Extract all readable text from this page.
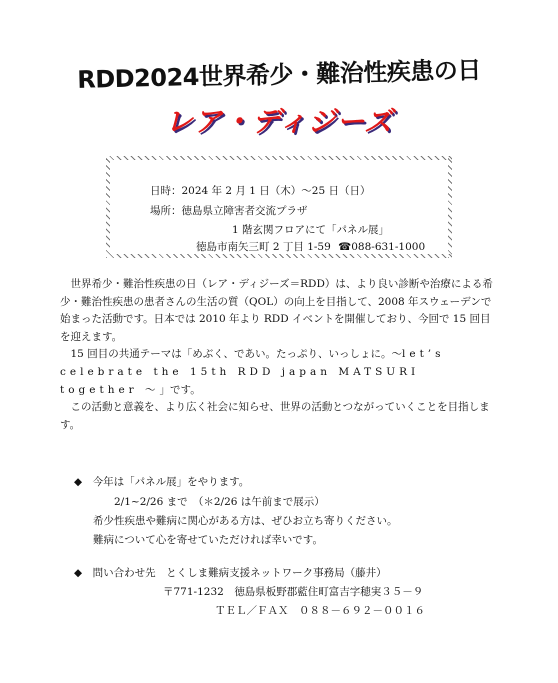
RDD2024世界希少・難治性疾患の日
レア・ディジーズ
日時：2024 年 2 月 1 日（木）～25 日（日）
場所：徳島県立障害者交流プラザ
1 階玄関フロアにて「パネル展」
徳島市南矢三町 2 丁目 1-59 ☎088-631-1000

世界希少・難治性疾患の日（レア・ディジーズ＝RDD）は、より良い診断や治療による希少・難治性疾患の患者さんの生活の質（QOL）の向上を目指して、2008 年スウェーデンで始まった活動です。日本では 2010 年より RDD イベントを開催しており、今回で 15 回目を迎えます。

15 回目の共通テーマは「めぶく、であい。たっぷり、いっしょに。～let’s celebrate the 15th RDD japan MATSURI together ～」です。

この活動と意義を、より広く社会に知らせ、世界の活動とつながっていくことを目指します。

◆　 今年は「パネル展」をやります。
2/1~2/26 まで　（＊2/26 は午前まで展示）
希少性疾患や難病に関心がある方は、ぜひお立ち寄りください。
難病について心を寄せていただければ幸いです。
◆　 問い合わせ先　 とくしま難病支援ネットワーク事務局（藤井）
〒771-1232　 徳島県板野郡藍住町富吉字穂実３５－９
ＴＥＬ／ＦＡＸ　０８８－６９２－００１６
